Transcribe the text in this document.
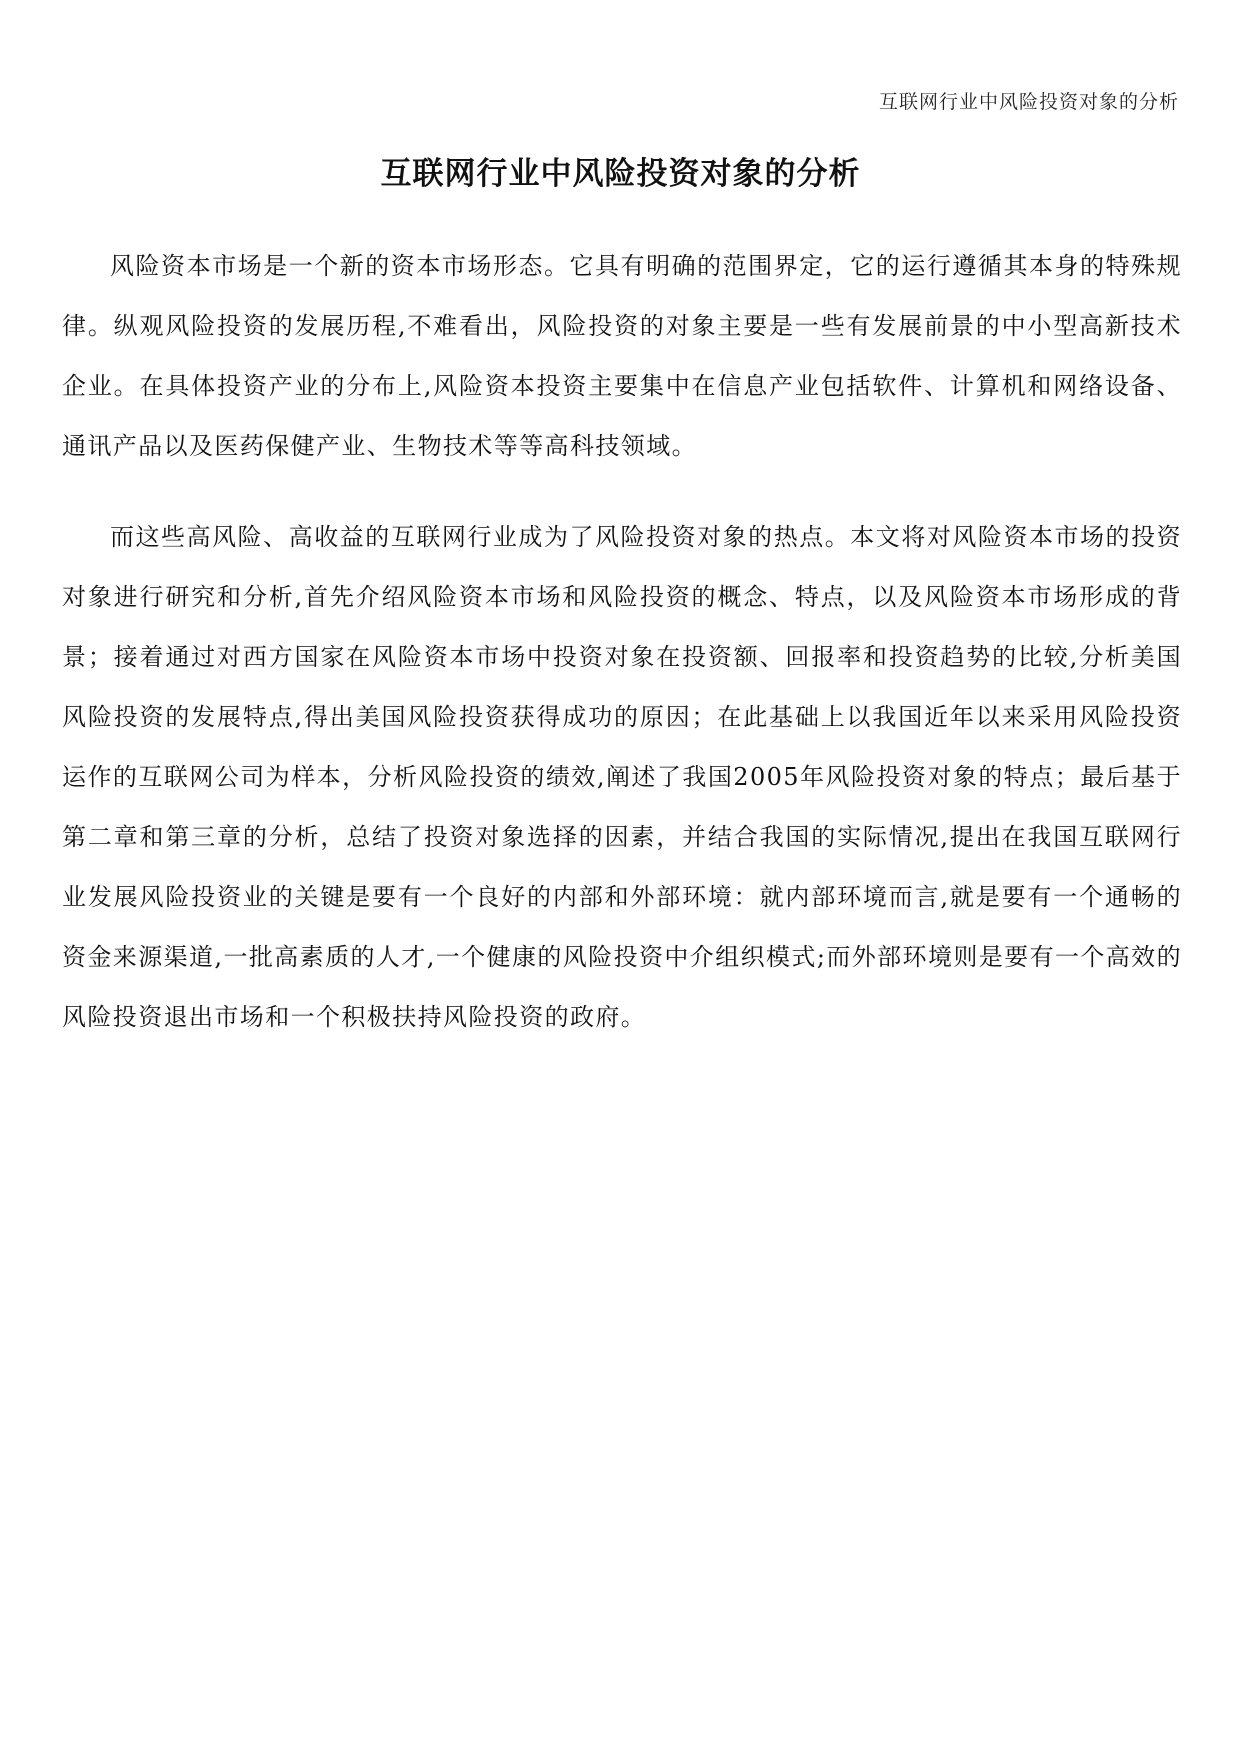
互联网行业中风险投资对象的分析
互联网行业中风险投资对象的分析

风险资本市场是一个新的资本市场形态。它具有明确的范围界定，它的运行遵循其本身的特殊规律。纵观风险投资的发展历程,不难看出，风险投资的对象主要是一些有发展前景的中小型高新技术企业。在具体投资产业的分布上,风险资本投资主要集中在信息产业包括软件、计算机和网络设备、通讯产品以及医药保健产业、生物技术等等高科技领域。

而这些高风险、高收益的互联网行业成为了风险投资对象的热点。本文将对风险资本市场的投资对象进行研究和分析,首先介绍风险资本市场和风险投资的概念、特点，以及风险资本市场形成的背景；接着通过对西方国家在风险资本市场中投资对象在投资额、回报率和投资趋势的比较,分析美国风险投资的发展特点,得出美国风险投资获得成功的原因；在此基础上以我国近年以来采用风险投资运作的互联网公司为样本，分析风险投资的绩效,阐述了我国2005年风险投资对象的特点；最后基于第二章和第三章的分析，总结了投资对象选择的因素，并结合我国的实际情况,提出在我国互联网行业发展风险投资业的关键是要有一个良好的内部和外部环境：就内部环境而言,就是要有一个通畅的资金来源渠道,一批高素质的人才,一个健康的风险投资中介组织模式;而外部环境则是要有一个高效的风险投资退出市场和一个积极扶持风险投资的政府。
